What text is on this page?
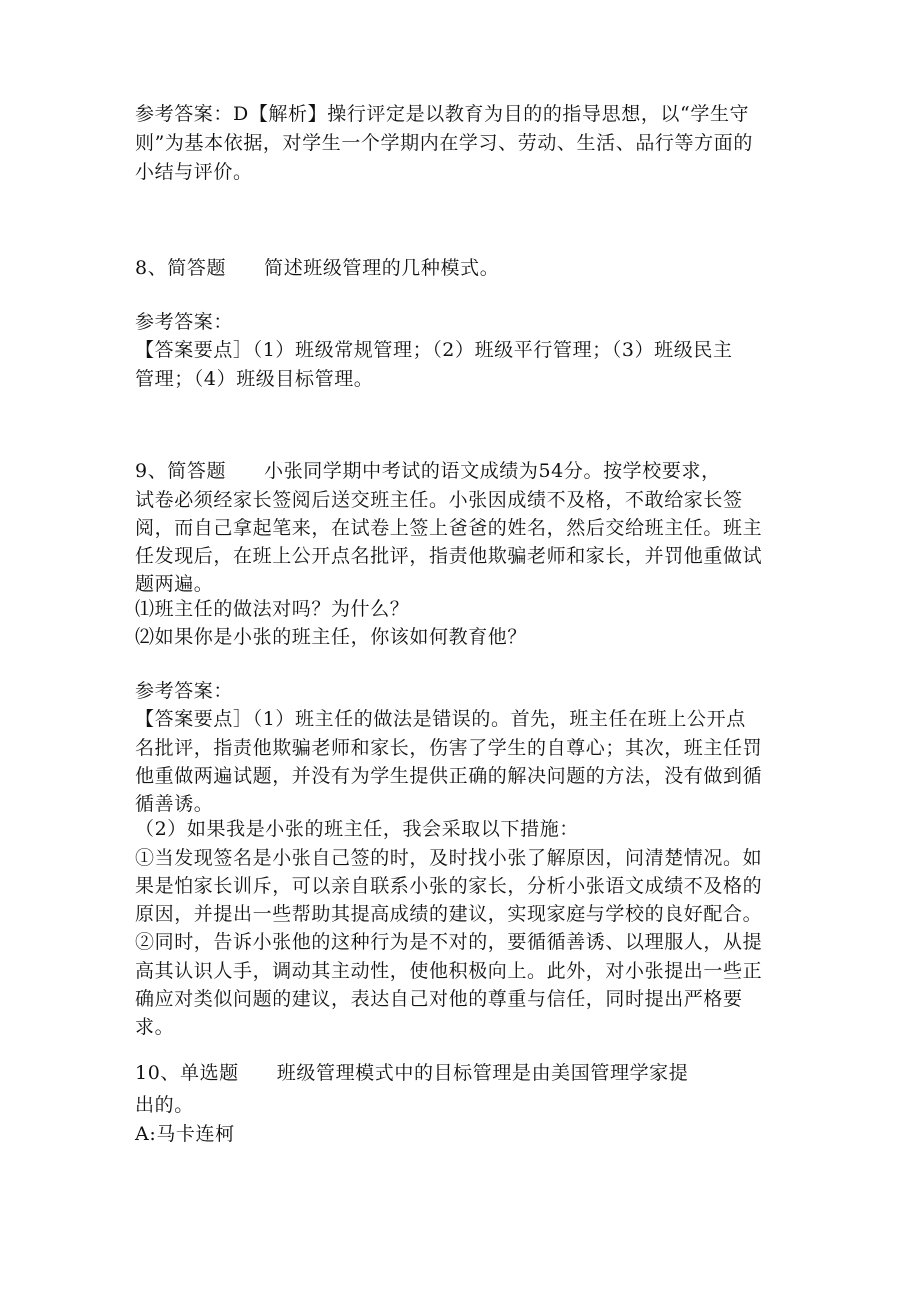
参考答案：D【解析】操行评定是以教育为目的的指导思想，以“学生守
则”为基本依据，对学生一个学期内在学习、劳动、生活、品行等方面的
小结与评价。
8、简答题 简述班级管理的几种模式。
参考答案：
【答案要点］（1）班级常规管理；（2）班级平行管理；（3）班级民主
管理；（4）班级目标管理。
9、简答题 小张同学期中考试的语文成绩为54分。按学校要求，
试卷必须经家长签阅后送交班主任。小张因成绩不及格，不敢给家长签
阅，而自己拿起笔来，在试卷上签上爸爸的姓名，然后交给班主任。班主
任发现后，在班上公开点名批评，指责他欺骗老师和家长，并罚他重做试
题两遍。
⑴班主任的做法对吗？为什么？
⑵如果你是小张的班主任，你该如何教育他？
参考答案：
【答案要点］（1）班主任的做法是错误的。首先，班主任在班上公开点
名批评，指责他欺骗老师和家长，伤害了学生的自尊心；其次，班主任罚
他重做两遍试题，并没有为学生提供正确的解决问题的方法，没有做到循
循善诱。
（2）如果我是小张的班主任，我会采取以下措施：
①当发现签名是小张自己签的时，及时找小张了解原因，问清楚情况。如
果是怕家长训斥，可以亲自联系小张的家长，分析小张语文成绩不及格的
原因，并提出一些帮助其提高成绩的建议，实现家庭与学校的良好配合。
②同时，告诉小张他的这种行为是不对的，要循循善诱、以理服人，从提
高其认识人手，调动其主动性，使他积极向上。此外，对小张提出一些正
确应对类似问题的建议，表达自己对他的尊重与信任，同时提出严格要
求。
10、单选题 班级管理模式中的目标管理是由美国管理学家提
出的。
A:马卡连柯
